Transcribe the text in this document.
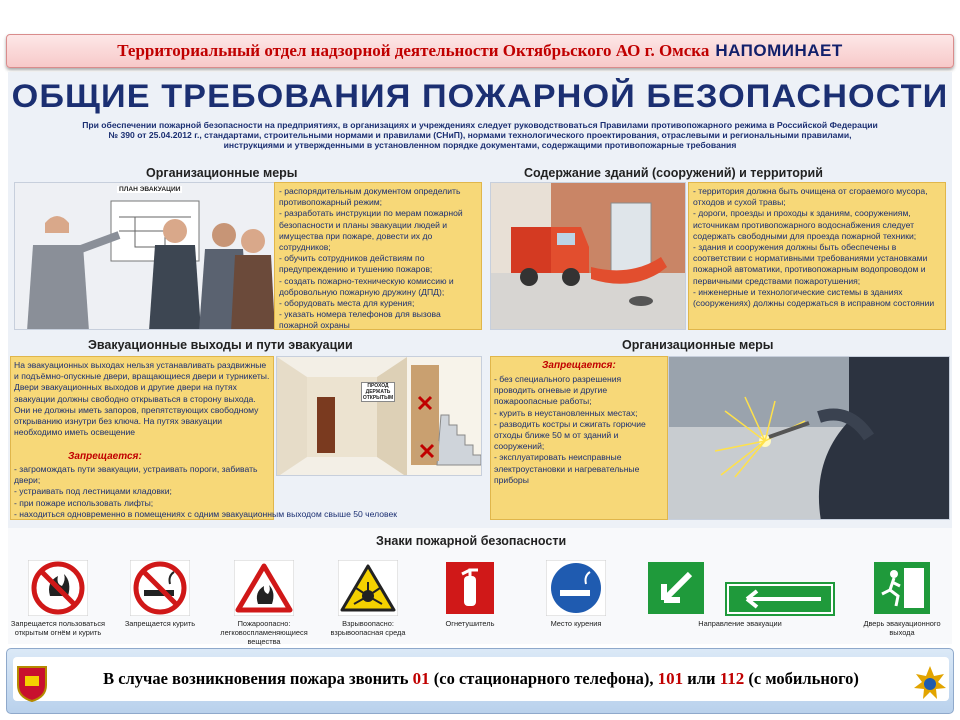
Территориальный отдел надзорной деятельности Октябрьского АО г. Омска НАПОМИНАЕТ
ОБЩИЕ ТРЕБОВАНИЯ ПОЖАРНОЙ БЕЗОПАСНОСТИ
При обеспечении пожарной безопасности на предприятиях, в организациях и учреждениях следует руководствоваться Правилами противопожарного режима в Российской Федерации № 390 от 25.04.2012 г., стандартами, строительными нормами и правилами (СНиП), нормами технологического проектирования, отраслевыми и региональными правилами, инструкциями и утвержденными в установленном порядке документами, содержащими противопожарные требования
Организационные меры
ПЛАН ЭВАКУАЦИИ
-	распорядительным документом определить противопожарный режим;
- разработать инструкции по мерам пожарной безопасности и планы эвакуации людей и имущества при пожаре, довести их до сотрудников;
- обучить сотрудников действиям по предупреждению и тушению пожаров;
- создать пожарно-техническую комиссию и добровольную пожарную дружину (ДПД);
- оборудовать места для курения;
- указать номера телефонов для вызова пожарной охраны
Содержание зданий (сооружений) и территорий
- территория должна быть очищена от сгораемого мусора, отходов и сухой травы;
- дороги, проезды и проходы к зданиям, сооружениям, источникам противопожарного водоснабжения следует содержать свободными для проезда пожарной техники;
- здания и сооружения должны быть обеспечены в соответствии с нормативными требованиями установками пожарной автоматики, противопожарным водопроводом и первичными средствами пожаротушения;
- инженерные и технологические системы в зданиях (сооружениях) должны содержаться в исправном состоянии
Эвакуационные выходы и пути эвакуации
На эвакуационных выходах нельзя устанавливать раздвижные и подъёмно-опускные двери, вращающиеся двери и турникеты. Двери эвакуационных выходов и другие двери на путях эвакуации должны свободно открываться в сторону выхода. Они не должны иметь запоров, препятствующих свободному открыванию изнутри без ключа. На путях эвакуации необходимо иметь освещение
Запрещается:
- загромождать пути эвакуации, устраивать пороги, забивать двери;
- устраивать под лестницами кладовки;
- при пожаре использовать лифты;
- находиться одновременно в помещениях с одним эвакуационным выходом свыше 50 человек
ПРОХОД ДЕРЖАТЬ ОТКРЫТЫМ
Организационные меры
Запрещается:
- без специального разрешения проводить огневые и другие пожароопасные работы;
- курить в неустановленных местах;
- разводить костры и сжигать горючие отходы ближе 50 м от зданий и сооружений;
- эксплуатировать неисправные электроустановки и нагревательные приборы
Знаки пожарной безопасности
Запрещается пользоваться открытым огнём и курить
Запрещается курить	Пожароопасно: легковоспламеняющиеся вещества
Взрывоопасно: взрывоопасная среда
Огнетушитель	Место курения	Направление эвакуации	Дверь эвакуационного выхода
В случае возникновения пожара звонить 01 (со стационарного телефона), 101 или 112 (с мобильного)
